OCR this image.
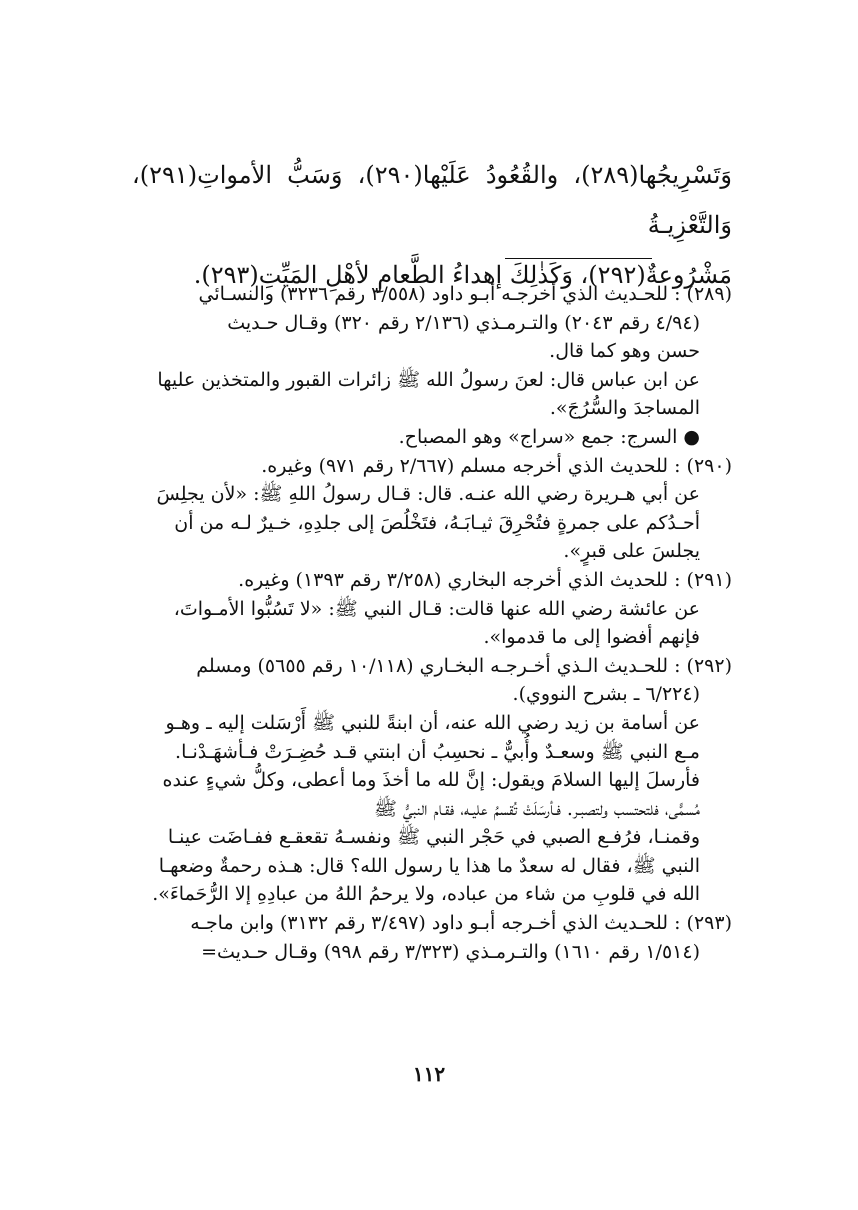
وَتَسْرِيجُها(٢٨٩)، والقُعُودُ عَلَيْها(٢٩٠)، وَسَبُّ الأمواتِ(٢٩١)، وَالتَّعْزِيـةُ

مَشْرُوعةٌ(٢٩٢)، وَكَذٰلِكَ إهداءُ الطَّعامِ لأهْلِ المَيِّتِ(٢٩٣).

(٢٨٩)
: للحـديث الذي أخرجـه أبـو داود (٣/٥٥٨ رقم ٣٢٣٦) والنسـائي

(٤/٩٤ رقم ٢٠٤٣) والتـرمـذي (٢/١٣٦ رقم ٣٢٠) وقـال حـديث

حسن وهو كما قال.

عن ابن عباس قال: لعنَ رسولُ الله ﷺ زائرات القبور والمتخذين عليها

المساجدَ والسُّرُجَ».

● السرج: جمع «سراج» وهو المصباح.

(٢٩٠)
: للحديث الذي أخرجه مسلم (٢/٦٦٧ رقم ٩٧١) وغيره.

عن أبي هـريرة رضي الله عنـه. قال: قـال رسولُ اللهِ ﷺ: «لأن يجلِسَ

أحـدُكم على جمرةٍ فتُحْرِقَ ثيـابَـهُ، فتَخْلُصَ إلى جلدِهِ، خـيرٌ لـه من أن

يجلسَ على قبرٍ».

(٢٩١)
: للحديث الذي أخرجه البخاري (٣/٢٥٨ رقم ١٣٩٣) وغيره.

عن عائشة رضي الله عنها قالت: قـال النبي ﷺ: «لا تَسُبُّوا الأمـواتَ،

فإنهم أفضوا إلى ما قدموا».

(٢٩٢)
: للحـديث الـذي أخـرجـه البخـاري (١٠/١١٨ رقم ٥٦٥٥) ومسلم

(٦/٢٢٤ ـ بشرح النووي).

عن أسامة بن زيد رضي الله عنه، أن ابنةً للنبي ﷺ أَرْسَلت إليه ـ وهـو

مـع النبي ﷺ وسعـدٌ وأُبيٌّ ـ نحسِبُ أن ابنتي قـد حُضِـرَتْ فـأشهَـدْنـا.

فأرسلَ إليها السلامَ ويقول: إنَّ لله ما أخذَ وما أعطى، وكلُّ شيءٍ عنده

مُسمًّى، فلتحتسب ولتصبـر. فـأرسَلَتْ تُقسمُ عليـه، فقـام النبيُّ ﷺ

وقمنـا، فرُفـع الصبي في حَجْر النبي ﷺ ونفسـهُ تقعقـع ففـاضَت عينـا

النبي ﷺ، فقال له سعدٌ ما هذا يا رسول الله؟ قال: هـذه رحمةٌ وضعهـا

الله في قلوبِ من شاء من عباده، ولا يرحمُ اللهُ من عبادِهِ إلا الرُّحَماءَ».

(٢٩٣)
: للحـديث الذي أخـرجه أبـو داود (٣/٤٩٧ رقم ٣١٣٢) وابن ماجـه

(١/٥١٤ رقم ١٦١٠) والتـرمـذي (٣/٣٢٣ رقم ٩٩٨) وقـال حـديث=

١١٢
